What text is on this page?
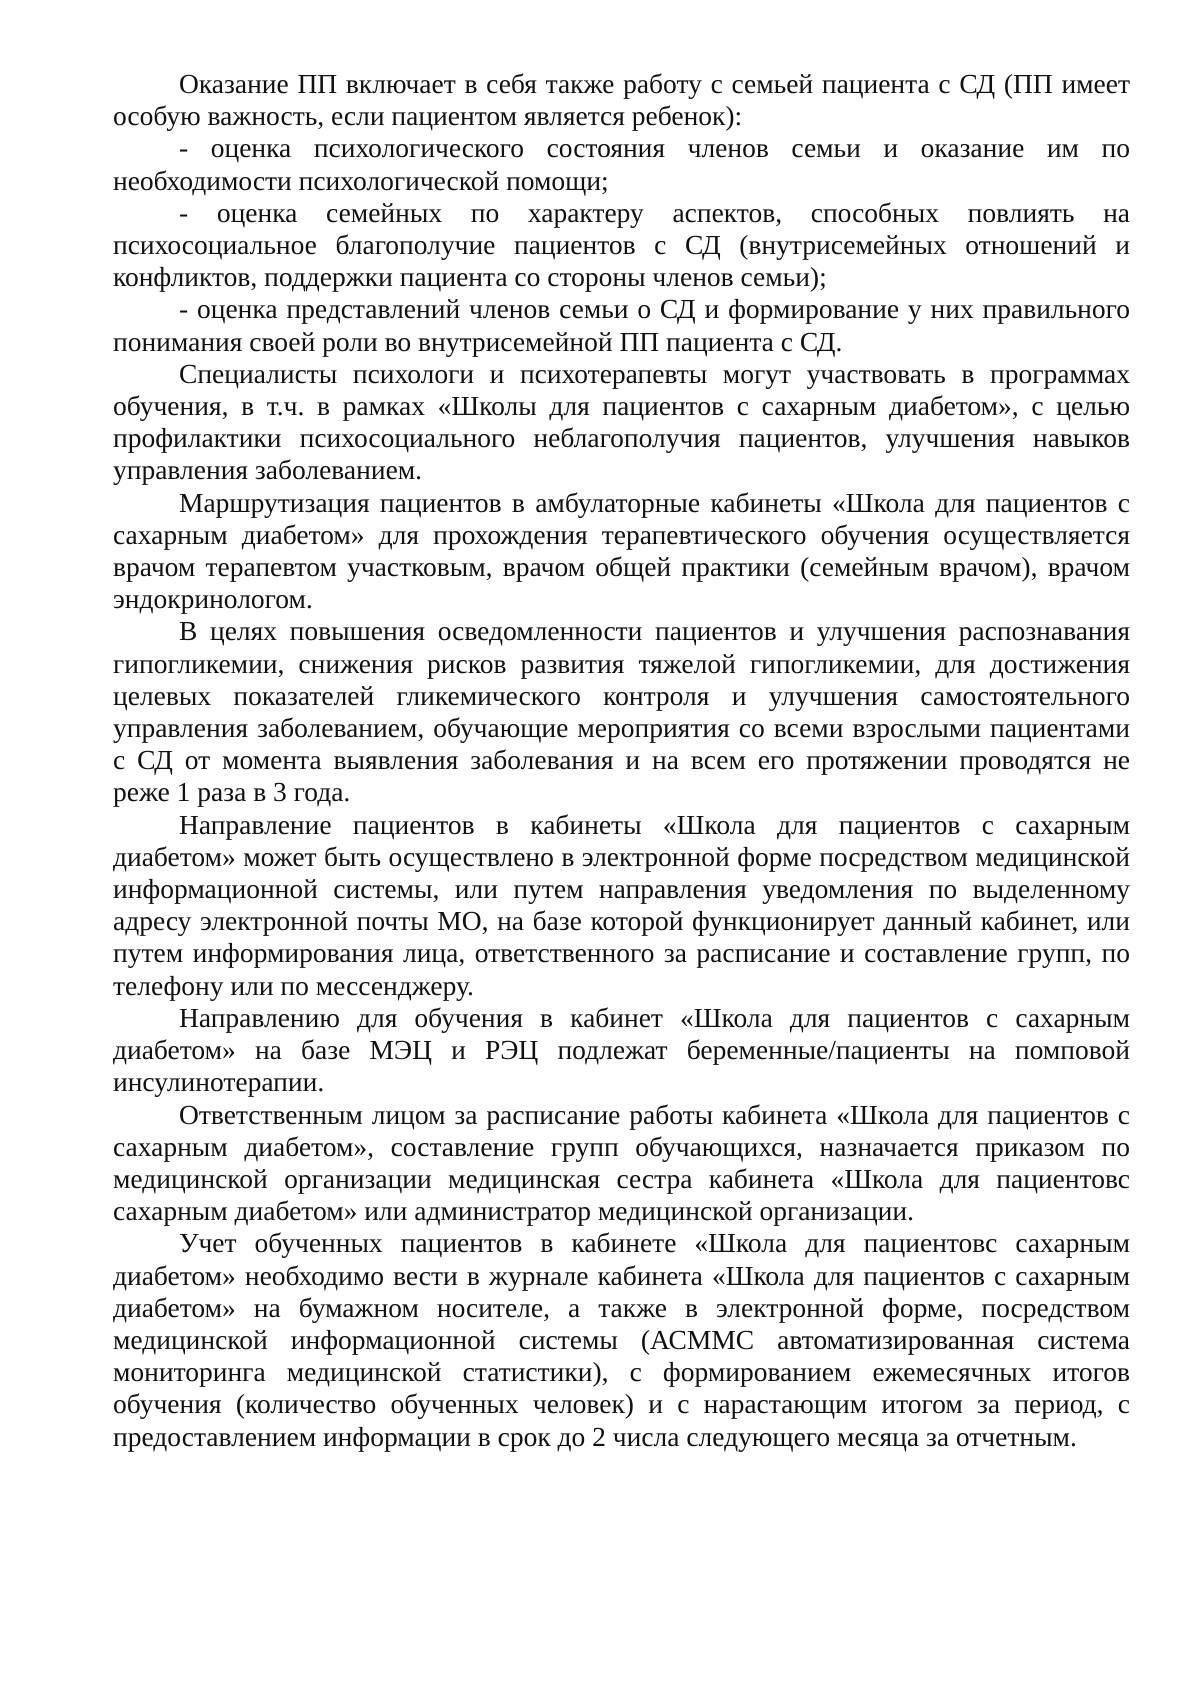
Оказание ПП включает в себя также работу с семьей пациента с СД (ПП имеет особую важность, если пациентом является ребенок):

- оценка психологического состояния членов семьи и оказание им по необходимости психологической помощи;

- оценка семейных по характеру аспектов, способных повлиять на психосоциальное благополучие пациентов с СД (внутрисемейных отношений и конфликтов, поддержки пациента со стороны членов семьи);

- оценка представлений членов семьи о СД и формирование у них правильного понимания своей роли во внутрисемейной ПП пациента с СД.

Специалисты психологи и психотерапевты могут участвовать в программах обучения, в т.ч. в рамках «Школы для пациентов с сахарным диабетом», с целью профилактики психосоциального неблагополучия пациентов, улучшения навыков управления заболеванием.

Маршрутизация пациентов в амбулаторные кабинеты «Школа для пациентов с сахарным диабетом» для прохождения терапевтического обучения осуществляется врачом терапевтом участковым, врачом общей практики (семейным врачом), врачом эндокринологом.

В целях повышения осведомленности пациентов и улучшения распознавания гипогликемии, снижения рисков развития тяжелой гипогликемии, для достижения целевых показателей гликемического контроля и улучшения самостоятельного управления заболеванием, обучающие мероприятия со всеми взрослыми пациентами с СД от момента выявления заболевания и на всем его протяжении проводятся не реже 1 раза в 3 года.

Направление пациентов в кабинеты «Школа для пациентов с сахарным диабетом» может быть осуществлено в электронной форме посредством медицинской информационной системы, или путем направления уведомления по выделенному адресу электронной почты МО, на базе которой функционирует данный кабинет, или путем информирования лица, ответственного за расписание и составление групп, по телефону или по мессенджеру.

Направлению для обучения в кабинет «Школа для пациентов с сахарным диабетом» на базе МЭЦ и РЭЦ подлежат беременные/пациенты на помповой инсулинотерапии.

Ответственным лицом за расписание работы кабинета «Школа для пациентов с сахарным диабетом», составление групп обучающихся, назначается приказом по медицинской организации медицинская сестра кабинета «Школа для пациентовс сахарным диабетом» или администратор медицинской организации.

Учет обученных пациентов в кабинете «Школа для пациентовс сахарным диабетом» необходимо вести в журнале кабинета «Школа для пациентов с сахарным диабетом» на бумажном носителе, а также в электронной форме, посредством медицинской информационной системы (АСММС автоматизированная система мониторинга медицинской статистики), с формированием ежемесячных итогов обучения (количество обученных человек) и с нарастающим итогом за период, с предоставлением информации в срок до 2 числа следующего месяца за отчетным.
